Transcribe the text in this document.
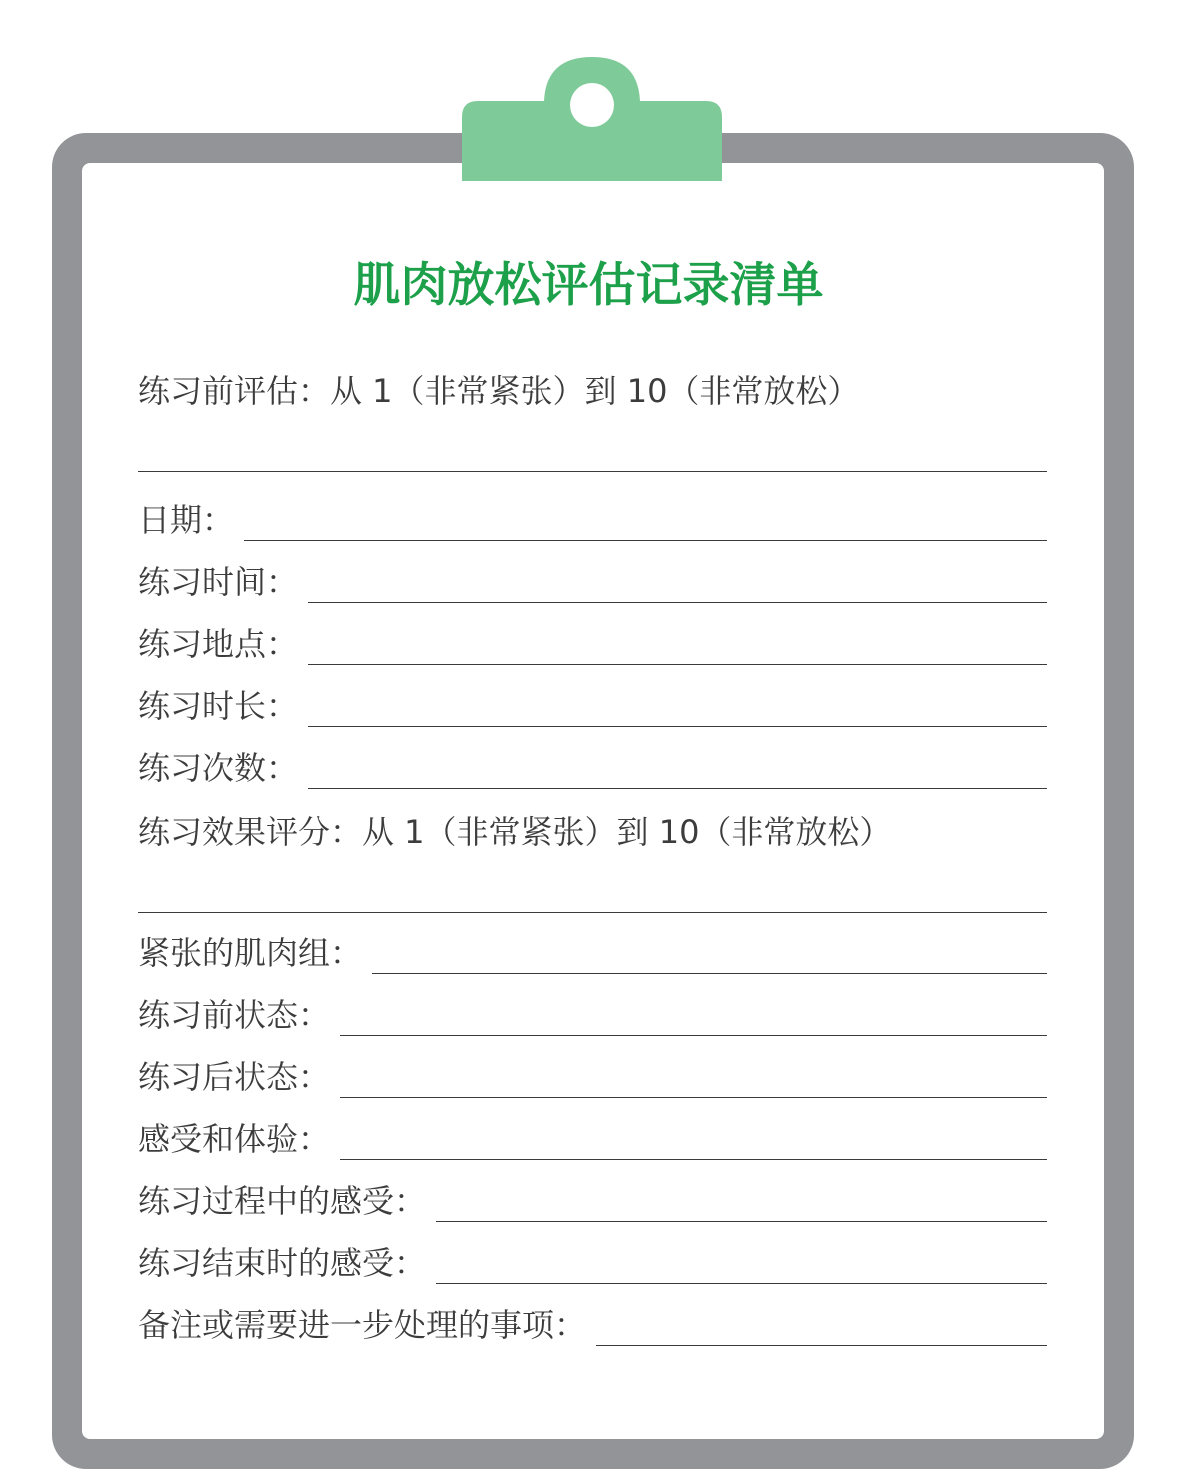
肌肉放松评估记录清单
练习前评估：从 1（非常紧张）到 10（非常放松）
日期：
练习时间：
练习地点：
练习时长：
练习次数：
练习效果评分：从 1（非常紧张）到 10（非常放松）
紧张的肌肉组：
练习前状态：
练习后状态：
感受和体验：
练习过程中的感受：
练习结束时的感受：
备注或需要进一步处理的事项：
